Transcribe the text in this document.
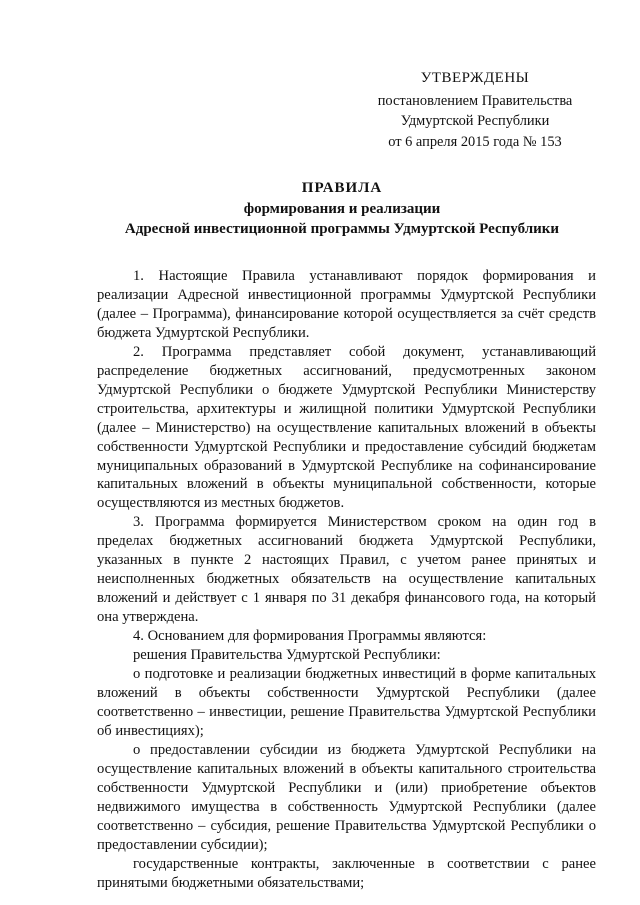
УТВЕРЖДЕНЫ
постановлением Правительства
Удмуртской Республики
от 6 апреля 2015 года № 153
ПРАВИЛА
формирования и реализации
Адресной инвестиционной программы Удмуртской Республики

1. Настоящие Правила устанавливают порядок формирования и реализации Адресной инвестиционной программы Удмуртской Республики (далее – Программа), финансирование которой осуществляется за счёт средств бюджета Удмуртской Республики.

2. Программа представляет собой документ, устанавливающий распределение бюджетных ассигнований, предусмотренных законом Удмуртской Республики о бюджете Удмуртской Республики Министерству строительства, архитектуры и жилищной политики Удмуртской Республики (далее – Министерство) на осуществление капитальных вложений в объекты собственности Удмуртской Республики и предоставление субсидий бюджетам муниципальных образований в Удмуртской Республике на софинансирование капитальных вложений в объекты муниципальной собственности, которые осуществляются из местных бюджетов.

3. Программа формируется Министерством сроком на один год в пределах бюджетных ассигнований бюджета Удмуртской Республики, указанных в пункте 2 настоящих Правил, с учетом ранее принятых и неисполненных бюджетных обязательств на осуществление капитальных вложений и действует с 1 января по 31 декабря финансового года, на который она утверждена.

4. Основанием для формирования Программы являются:

решения Правительства Удмуртской Республики:

о подготовке и реализации бюджетных инвестиций в форме капитальных вложений в объекты собственности Удмуртской Республики (далее соответственно – инвестиции, решение Правительства Удмуртской Республики об инвестициях);

о предоставлении субсидии из бюджета Удмуртской Республики на осуществление капитальных вложений в объекты капитального строительства собственности Удмуртской Республики и (или) приобретение объектов недвижимого имущества в собственность Удмуртской Республики (далее соответственно – субсидия, решение Правительства Удмуртской Республики о предоставлении субсидии);

государственные контракты, заключенные в соответствии с ранее принятыми бюджетными обязательствами;
